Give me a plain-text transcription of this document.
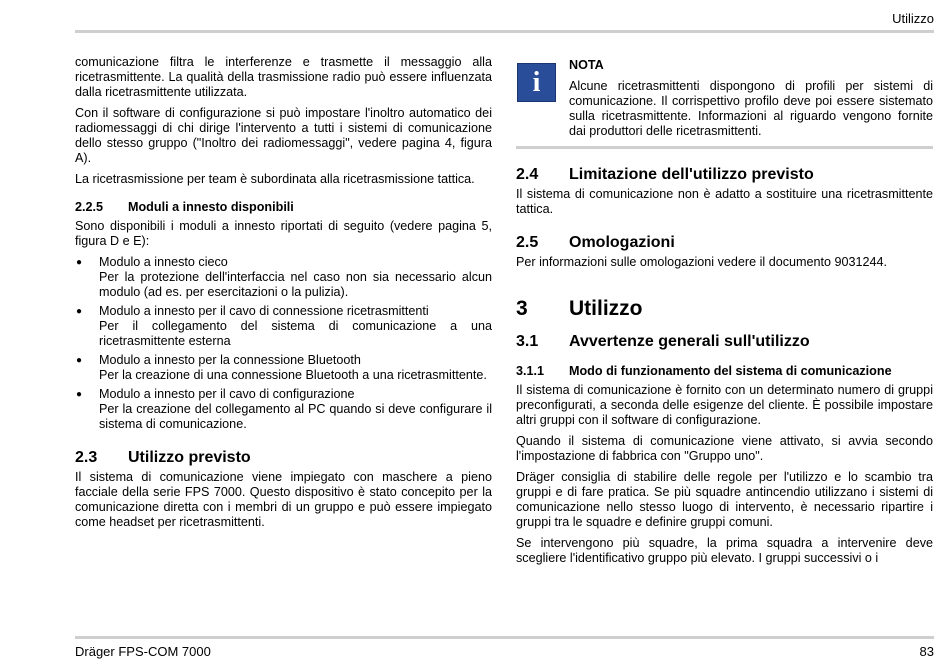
Utilizzo

comunicazione filtra le interferenze e trasmette il messaggio alla ricetrasmittente. La qualità della trasmissione radio può essere influenzata dalla ricetrasmittente utilizzata.

Con il software di configurazione si può impostare l'inoltro automatico dei radiomessaggi di chi dirige l'intervento a tutti i sistemi di comunicazione dello stesso gruppo ("Inoltro dei radiomessaggi", vedere pagina 4, figura A).

La ricetrasmissione per team è subordinata alla ricetrasmissione tattica.

2.2.5	Moduli a innesto disponibili

Sono disponibili i moduli a innesto riportati di seguito (vedere pagina 5, figura D e E):

● Modulo a innesto cieco
Per la protezione dell'interfaccia nel caso non sia necessario alcun modulo (ad es. per esercitazioni o la pulizia).
● Modulo a innesto per il cavo di connessione ricetrasmittenti
Per il collegamento del sistema di comunicazione a una ricetrasmittente esterna
● Modulo a innesto per la connessione Bluetooth
Per la creazione di una connessione Bluetooth a una ricetrasmittente.
● Modulo a innesto per il cavo di configurazione
Per la creazione del collegamento al PC quando si deve configurare il sistema di comunicazione.
2.3	Utilizzo previsto

Il sistema di comunicazione viene impiegato con maschere a pieno facciale della serie FPS 7000. Questo dispositivo è stato concepito per la comunicazione diretta con i membri di un gruppo e può essere impiegato come headset per ricetrasmittenti.

i
NOTA

Alcune ricetrasmittenti dispongono di profili per sistemi di comunicazione. Il corrispettivo profilo deve poi essere sistemato sulla ricetrasmittente. Informazioni al riguardo vengono fornite dai produttori delle ricetrasmittenti.

2.4	Limitazione dell'utilizzo previsto

Il sistema di comunicazione non è adatto a sostituire una ricetrasmittente tattica.

2.5	Omologazioni

Per informazioni sulle omologazioni vedere il documento 9031244.

3	Utilizzo
3.1	Avvertenze generali sull'utilizzo
3.1.1	Modo di funzionamento del sistema di comunicazione

Il sistema di comunicazione è fornito con un determinato numero di gruppi preconfigurati, a seconda delle esigenze del cliente. È possibile impostare altri gruppi con il software di configurazione.

Quando il sistema di comunicazione viene attivato, si avvia secondo l'impostazione di fabbrica con "Gruppo uno".

Dräger consiglia di stabilire delle regole per l'utilizzo e lo scambio tra gruppi e di fare pratica. Se più squadre antincendio utilizzano i sistemi di comunicazione nello stesso luogo di intervento, è necessario ripartire i gruppi tra le squadre e definire gruppi comuni.

Se intervengono più squadre, la prima squadra a intervenire deve scegliere l'identificativo gruppo più elevato. I gruppi successivi o i

Dräger FPS-COM 7000	83
